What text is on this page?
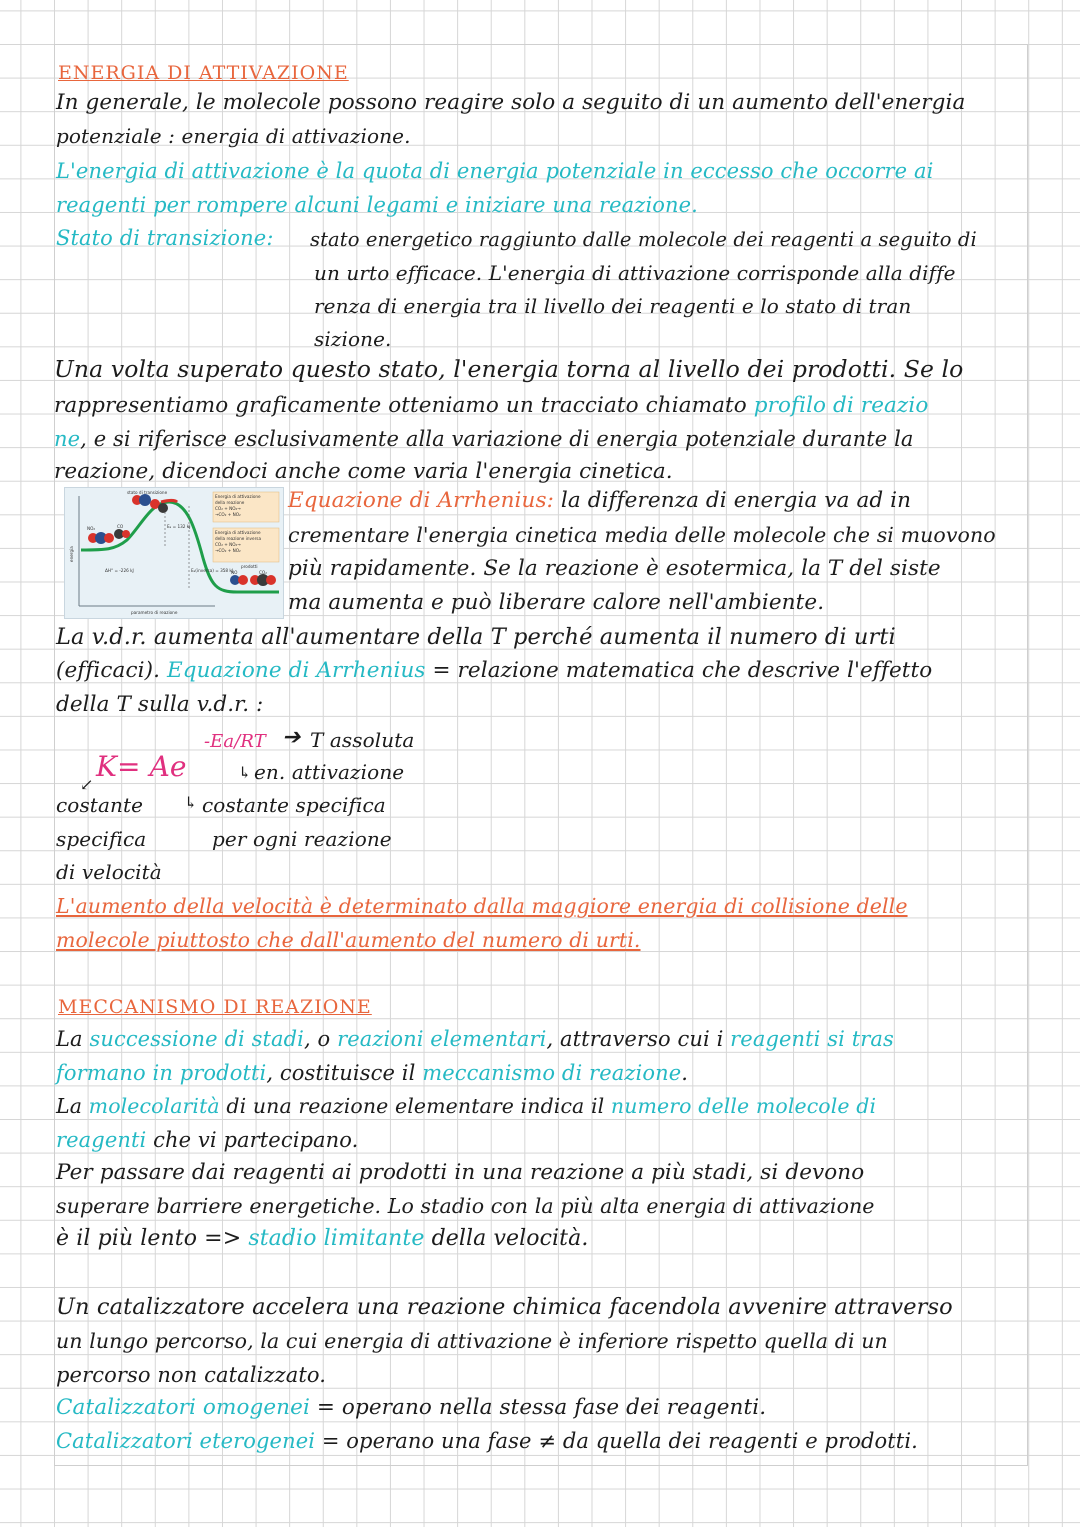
ENERGIA DI ATTIVAZIONE
In generale, le molecole possono reagire solo a seguito di un aumento dell'energia
potenziale : energia di attivazione.
L'energia di attivazione è la quota di energia potenziale in eccesso che occorre ai
reagenti per rompere alcuni legami e iniziare una reazione.
Stato di transizione: stato energetico raggiunto dalle molecole dei reagenti a seguito di
un urto efficace. L'energia di attivazione corrisponde alla diffe
renza di energia tra il livello dei reagenti e lo stato di tran
sizione.
Una volta superato questo stato, l'energia torna al livello dei prodotti. Se lo
rappresentiamo graficamente otteniamo un tracciato chiamato profilo di reazio
ne, e si riferisce esclusivamente alla variazione di energia potenziale durante la
reazione, dicendoci anche come varia l'energia cinetica.
stato di transizione
Energia di attivazione
della reazione
CO₂ + NO₂→
→CO₂ + NO₂
Energia di attivazione
della reazione inversa
CO₂ + NO₂→
→CO₂ + NO₂
Eₐ = 132 kJ
Eₐ(inversa) = 358 kJ
ΔH° = -226 kJ
NO₂	CO
prodotti
NO	CO₂
energia
parametro di reazione
Equazione di Arrhenius: la differenza di energia va ad in
crementare l'energia cinetica media delle molecole che si muovono
più rapidamente. Se la reazione è esotermica, la T del siste
ma aumenta e può liberare calore nell'ambiente.
La v.d.r. aumenta all'aumentare della T perché aumenta il numero di urti
(efficaci). Equazione di Arrhenius = relazione matematica che descrive l'effetto
della T sulla v.d.r. :
-Ea/RT ➔ T assoluta
K= Ae
↙
↳ en. attivazione
costante	↳ costante specifica
specifica	per ogni reazione
di velocità
L'aumento della velocità è determinato dalla maggiore energia di collisione delle
molecole piuttosto che dall'aumento del numero di urti.
MECCANISMO DI REAZIONE
La successione di stadi, o reazioni elementari, attraverso cui i reagenti si tras
formano in prodotti, costituisce il meccanismo di reazione.
La molecolarità di una reazione elementare indica il numero delle molecole di
reagenti che vi partecipano.
Per passare dai reagenti ai prodotti in una reazione a più stadi, si devono
superare barriere energetiche. Lo stadio con la più alta energia di attivazione
è il più lento => stadio limitante della velocità.
Un catalizzatore accelera una reazione chimica facendola avvenire attraverso
un lungo percorso, la cui energia di attivazione è inferiore rispetto quella di un
percorso non catalizzato.
Catalizzatori omogenei = operano nella stessa fase dei reagenti.
Catalizzatori eterogenei = operano una fase ≠ da quella dei reagenti e prodotti.
